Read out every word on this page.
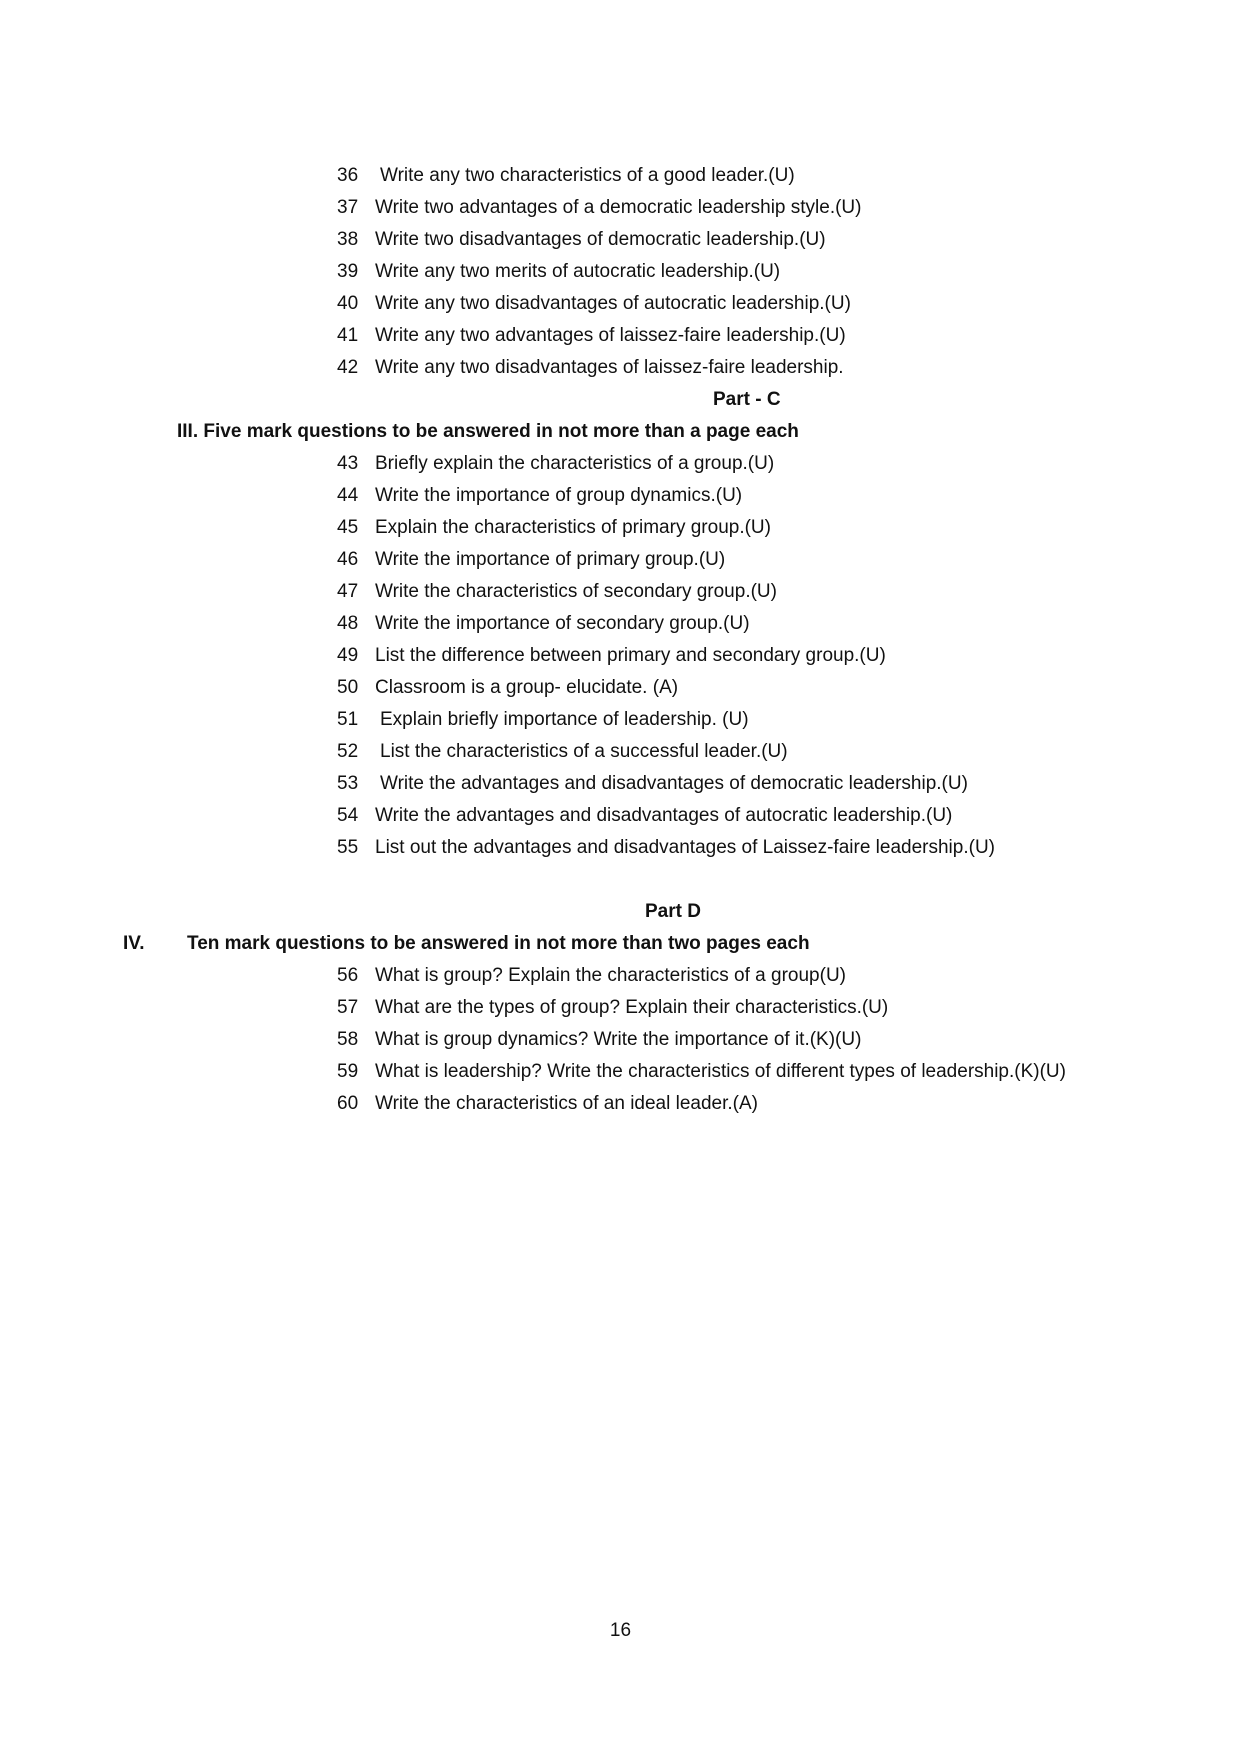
36	Write any two characteristics of a good leader.(U)
37 Write two advantages of a democratic leadership style.(U)
38 Write two disadvantages of democratic leadership.(U)
39 Write any two merits of autocratic leadership.(U)
40 Write any two disadvantages of autocratic leadership.(U)
41 Write any two advantages of laissez-faire leadership.(U)
42 Write any two disadvantages of laissez-faire leadership.
Part - C
III. Five mark questions to be answered in not more than a page each
43 Briefly explain the characteristics of a group.(U)
44 Write the importance of group dynamics.(U)
45 Explain the characteristics of primary group.(U)
46 Write the importance of primary group.(U)
47 Write the characteristics of secondary group.(U)
48 Write the importance of secondary group.(U)
49 List the difference between primary and secondary group.(U)
50 Classroom is a group- elucidate. (A)
51	Explain briefly importance of leadership. (U)
52	List the characteristics of a successful leader.(U)
53	Write the advantages and disadvantages of democratic leadership.(U)
54 Write the advantages and disadvantages of autocratic leadership.(U)
55 List out the advantages and disadvantages of Laissez-faire leadership.(U)
Part D
IV. Ten mark questions to be answered in not more than two pages each
56 What is group? Explain the characteristics of a group(U)
57 What are the types of group? Explain their characteristics.(U)
58 What is group dynamics? Write the importance of it.(K)(U)
59 What is leadership? Write the characteristics of different types of leadership.(K)(U)
60 Write the characteristics of an ideal leader.(A)
16
